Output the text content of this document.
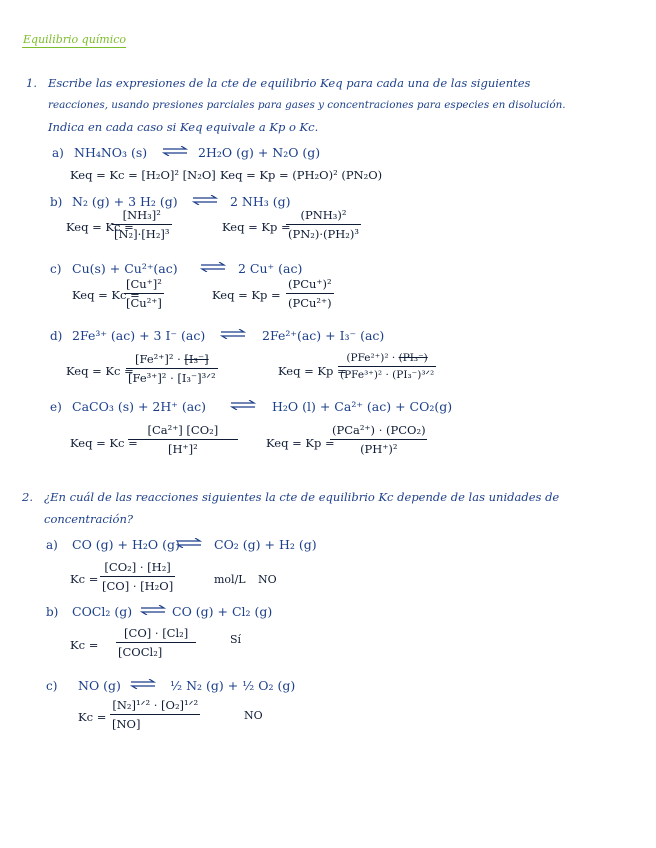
Equilibrio químico
1. Escribe las expresiones de la cte de equilibrio Keq para cada una de las siguientes
reacciones, usando presiones parciales para gases y concentraciones para especies en disolución.
Indica en cada caso si Keq equivale a Kp o Kc.
a) NH₄NO₃ (s) ⇌ 2H₂O (g) + N₂O (g)
Keq = Kc = [H₂O]² [N₂O] Keq = Kp = (PH₂O)² (PN₂O)
b) N₂ (g) + 3 H₂ (g) ⇌ 2 NH₃ (g)
Keq = Kc =
$\frac{\text{[NH₃]²}}{\text{[N₂]·[H₂]³}}$	Keq = Kp =
(PNH₃)²
(PN₂)·(PH₂)³
c) Cu(s) + Cu²⁺(ac) ⇌ 2 Cu⁺ (ac)
Keq = Kc =
$\frac{\text{[Cu⁺]²}}{\text{[Cu²⁺]}}$	Keq = Kp =
(PCu⁺)²
(PCu²⁺)
d) 2Fe³⁺ (ac) + 3 I⁻ (ac) ⇌ 2Fe²⁺(ac) + I₃⁻ (ac)
Keq = Kc =
[Fe²⁺]² · [I₃⁻]
[Fe³⁺]² · [I₃⁻]³ᐟ²	Keq = Kp =
(PFe²⁺)² · (PI₃⁻)
(PFe³⁺)² · (PI₃⁻)³ᐟ²
e) CaCO₃ (s) + 2H⁺ (ac) ⇌ H₂O (l) + Ca²⁺ (ac) + CO₂(g)
Keq = Kc =
$\frac{\text{[Ca²⁺] [CO₂]}}{\text{[H⁺]²}}$ Keq = Kp =
(PCa²⁺) · (PCO₂)
(PH⁺)²
2. ¿En cuál de las reacciones siguientes la cte de equilibrio Kc depende de las unidades de
concentración?
a) CO (g) + H₂O (g) ⇌ CO₂ (g) + H₂ (g)
$Kc = \frac{\text{[CO₂] · [H₂]}}{\text{[CO] · [H₂O]}}$	mol/L NO
b) COCl₂ (g) ⇌ CO (g) + Cl₂ (g)
Kc =
[CO] · [Cl₂]
[COCl₂]
Sí
c) NO (g) ⇌ ½ N₂ (g) + ½ O₂ (g)
Kc =
[N₂]¹ᐟ² · [O₂]¹ᐟ²
[NO]
NO
